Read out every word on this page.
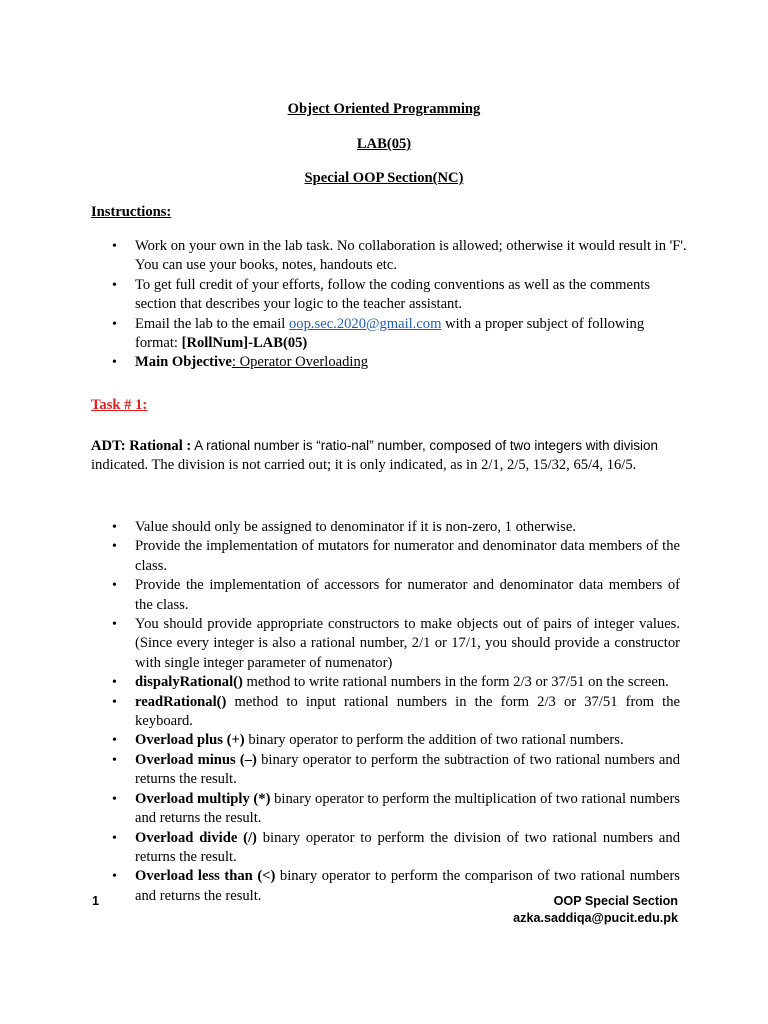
Object Oriented Programming
LAB(05)
Special OOP Section(NC)
Instructions:
• Work on your own in the lab task. No collaboration is allowed; otherwise it would result in 'F'. You can use your books, notes, handouts etc.
• To get full credit of your efforts, follow the coding conventions as well as the comments section that describes your logic to the teacher assistant.
• Email the lab to the email oop.sec.2020@gmail.com with a proper subject of following format: [RollNum]-LAB(05)
• Main Objective: Operator Overloading
Task # 1:
ADT: Rational : A rational number is “ratio-nal” number, composed of two integers with division
indicated. The division is not carried out; it is only indicated, as in 2/1, 2/5, 15/32, 65/4, 16/5.
• Value should only be assigned to denominator if it is non-zero, 1 otherwise.
• Provide the implementation of mutators for numerator and denominator data members of the class.
• Provide the implementation of accessors for numerator and denominator data members of the class.
• You should provide appropriate constructors to make objects out of pairs of integer values. (Since every integer is also a rational number, 2/1 or 17/1, you should provide a constructor with single integer parameter of numenator)
• dispalyRational() method to write rational numbers in the form 2/3 or 37/51 on the screen.
• readRational() method to input rational numbers in the form 2/3 or 37/51 from the keyboard.
• Overload plus (+) binary operator to perform the addition of two rational numbers.
• Overload minus (–) binary operator to perform the subtraction of two rational numbers and returns the result.
• Overload multiply (*) binary operator to perform the multiplication of two rational numbers and returns the result.
• Overload divide (/) binary operator to perform the division of two rational numbers and returns the result.
• Overload less than (<) binary operator to perform the comparison of two rational numbers and returns the result.
1	OOP Special Section
azka.saddiqa@pucit.edu.pk
